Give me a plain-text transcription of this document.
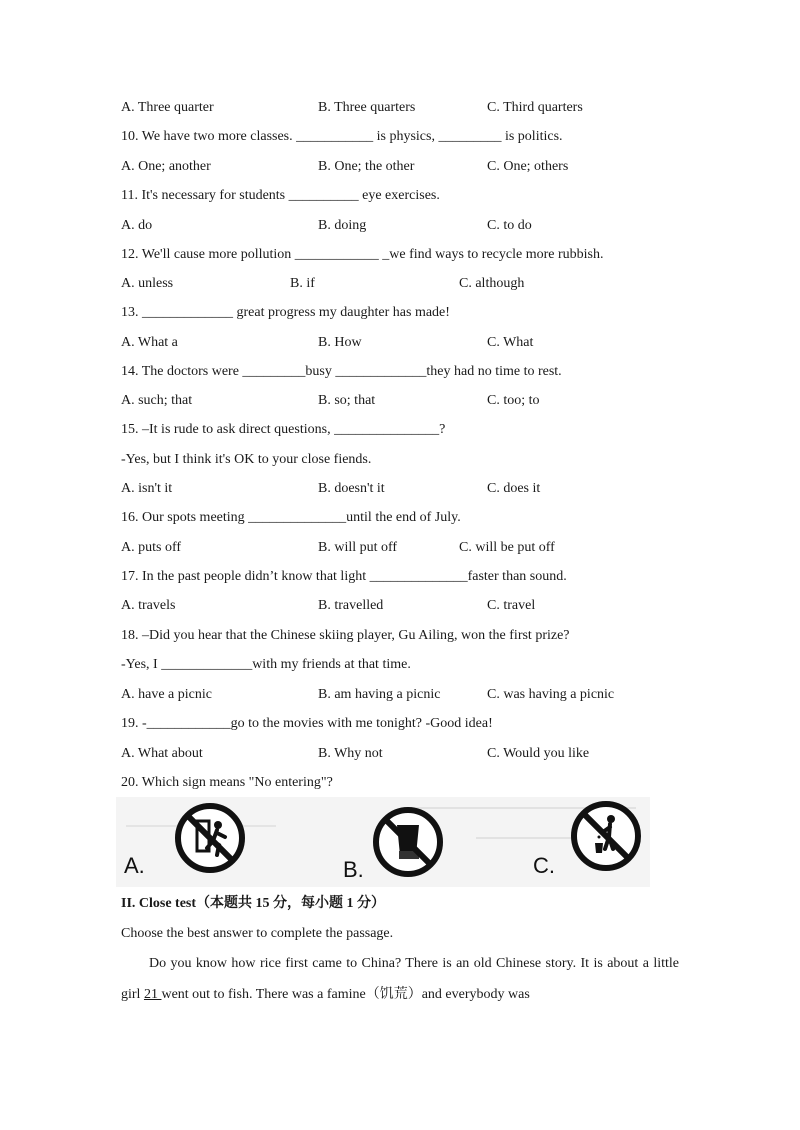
A. Three quarter	B. Three quarters	C. Third quarters
10. We have two more classes. ___________ is physics, _________ is politics.
A. One; another	B. One; the other	C. One; others
11. It's necessary for students __________ eye exercises.
A. do	B. doing	C. to do
12. We'll cause more pollution ____________ _we find ways to recycle more rubbish.
A. unless	B. if	C. although
13. _____________ great progress my daughter has made!
A. What a	B. How	C. What
14. The doctors were _________busy _____________they had no time to rest.
A. such; that	B. so; that	C. too; to
15. –It is rude to ask direct questions, _______________?
-Yes, but I think it's OK to your close fiends.
A. isn't it	B. doesn't it	C. does it
16. Our spots meeting ______________until the end of July.
A. puts off	B. will put off	C. will be put off
17. In the past people didn’t know that light ______________faster than sound.
A. travels	B. travelled	C. travel
18. –Did you hear that the Chinese skiing player, Gu Ailing, won the first prize?
-Yes, I _____________with my friends at that time.
A. have a picnic	B. am having a picnic	C. was having a picnic
19. -____________go to the movies with me tonight? -Good idea!
A. What about	B. Why not	C. Would you like
20. Which sign means "No entering"?
A.	B.	C.
II. Close test（本题共 15 分，每小题 1 分）
Choose the best answer to complete the passage.
Do you know how rice first came to China? There is an old Chinese story. It is about a little girl 21 went out to fish. There was a famine（饥荒）and everybody was
